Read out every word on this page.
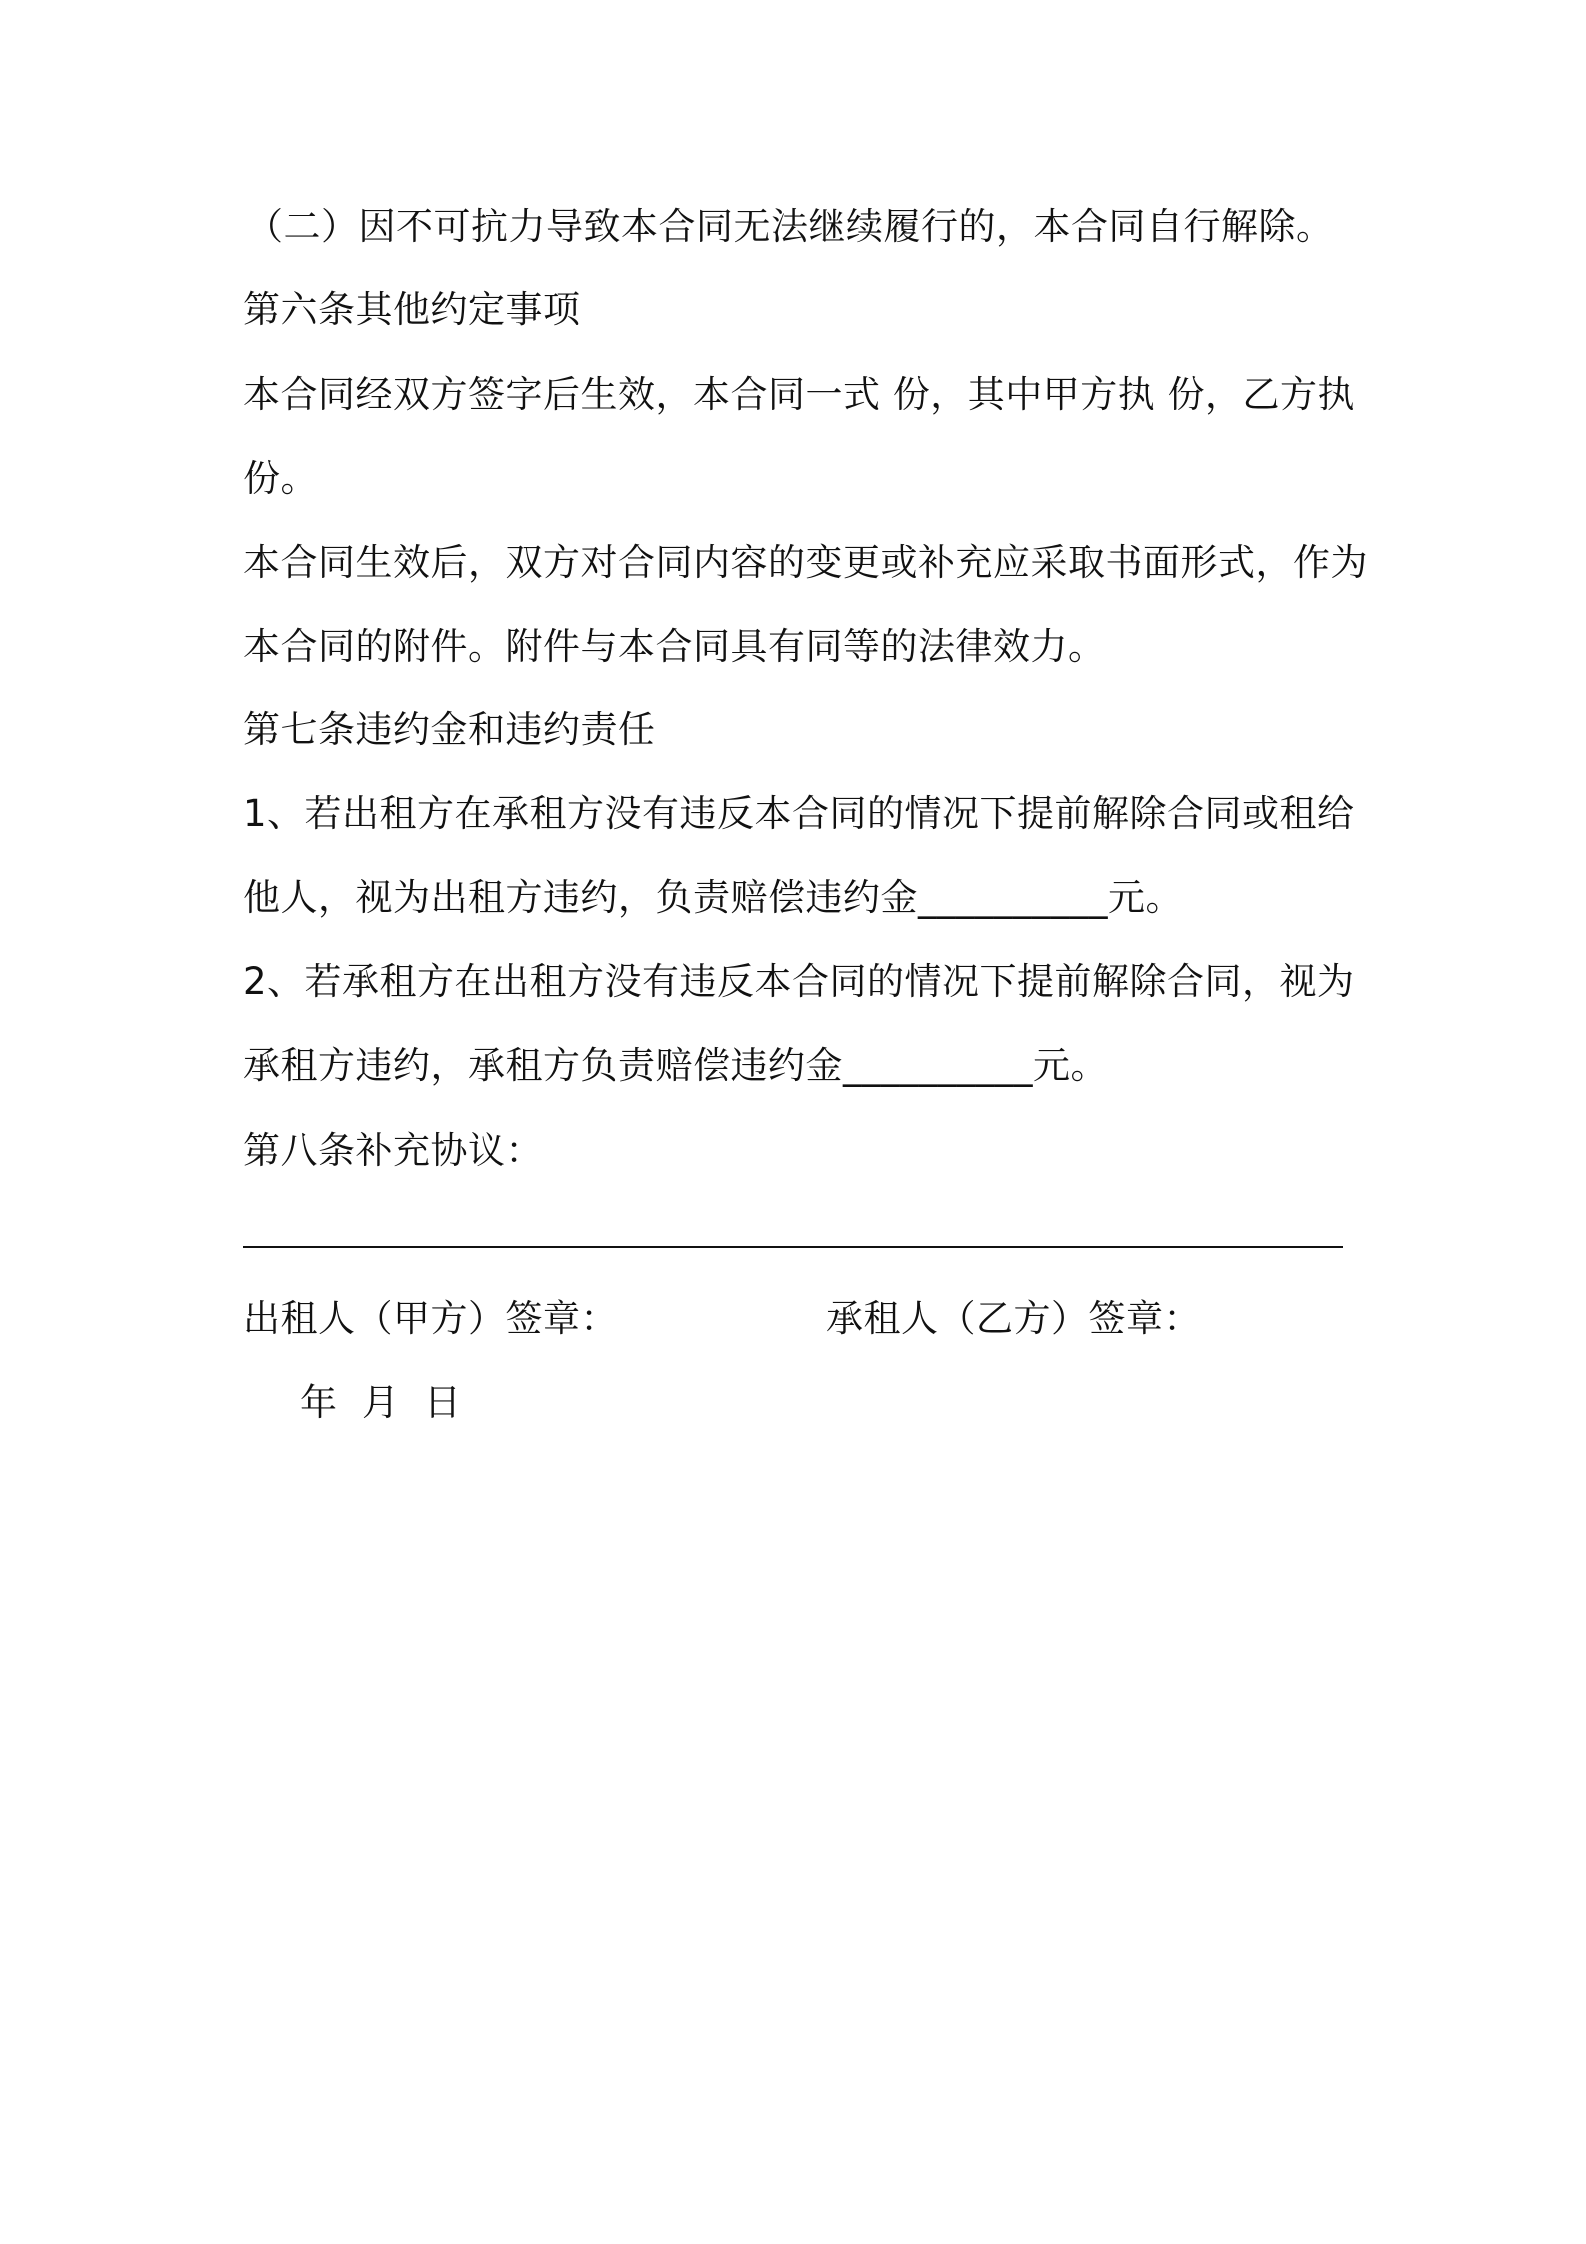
（二）因不可抗力导致本合同无法继续履行的，本合同自行解除。
第六条其他约定事项
本合同经双方签字后生效，本合同一式 份，其中甲方执 份，乙方执
份。
本合同生效后，双方对合同内容的变更或补充应采取书面形式，作为
本合同的附件。附件与本合同具有同等的法律效力。
第七条违约金和违约责任
1、若出租方在承租方没有违反本合同的情况下提前解除合同或租给
他人，视为出租方违约，负责赔偿违约金__________元。
2、若承租方在出租方没有违反本合同的情况下提前解除合同，视为
承租方违约，承租方负责赔偿违约金__________元。
第八条补充协议：
出租人（甲方）签章：	承租人（乙方）签章：
年  月  日
